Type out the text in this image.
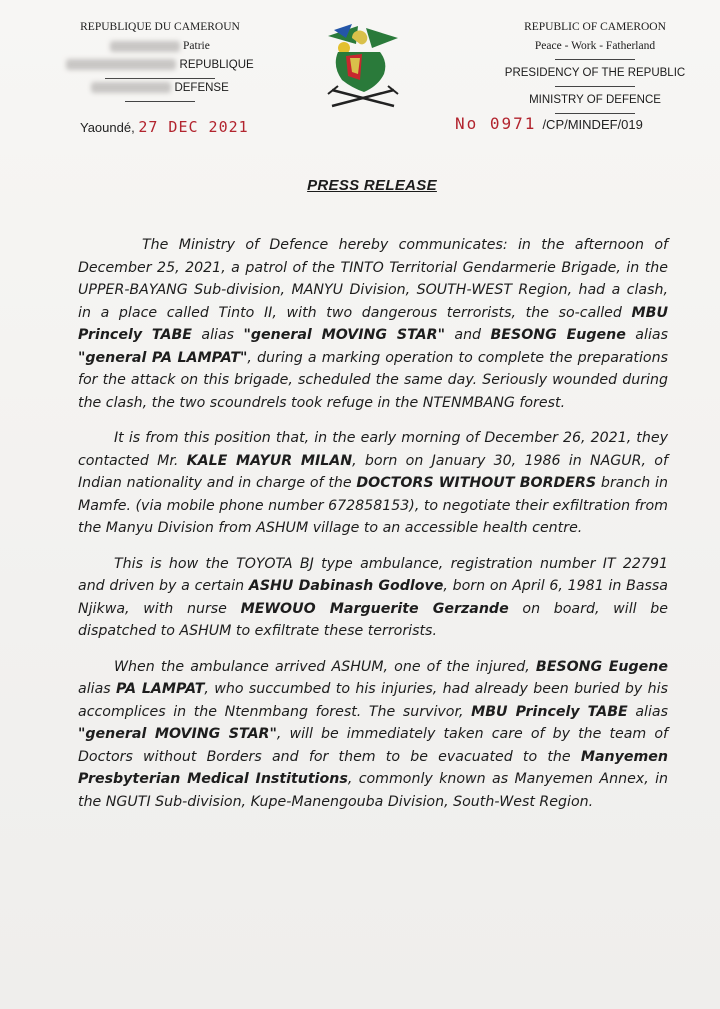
REPUBLIQUE DU CAMEROUN
Patrie
REPUBLIQUE
DEFENSE
REPUBLIC OF CAMEROON
Peace - Work - Fatherland
PRESIDENCY OF THE REPUBLIC
MINISTRY OF DEFENCE
Yaoundé, 27 DEC 2021	No 0971 /CP/MINDEF/019
PRESS RELEASE

The Ministry of Defence hereby communicates: in the afternoon of December 25, 2021, a patrol of the TINTO Territorial Gendarmerie Brigade, in the UPPER-BAYANG Sub-division, MANYU Division, SOUTH-WEST Region, had a clash, in a place called Tinto II, with two dangerous terrorists, the so-called MBU Princely TABE alias "general MOVING STAR" and BESONG Eugene alias "general PA LAMPAT", during a marking operation to complete the preparations for the attack on this brigade, scheduled the same day. Seriously wounded during the clash, the two scoundrels took refuge in the NTENMBANG forest.

It is from this position that, in the early morning of December 26, 2021, they contacted Mr. KALE MAYUR MILAN, born on January 30, 1986 in NAGUR, of Indian nationality and in charge of the DOCTORS WITHOUT BORDERS branch in Mamfe. (via mobile phone number 672858153), to negotiate their exfiltration from the Manyu Division from ASHUM village to an accessible health centre.

This is how the TOYOTA BJ type ambulance, registration number IT 22791 and driven by a certain ASHU Dabinash Godlove, born on April 6, 1981 in Bassa Njikwa, with nurse MEWOUO Marguerite Gerzande on board, will be dispatched to ASHUM to exfiltrate these terrorists.

When the ambulance arrived ASHUM, one of the injured, BESONG Eugene alias PA LAMPAT, who succumbed to his injuries, had already been buried by his accomplices in the Ntenmbang forest. The survivor, MBU Princely TABE alias "general MOVING STAR", will be immediately taken care of by the team of Doctors without Borders and for them to be evacuated to the Manyemen Presbyterian Medical Institutions, commonly known as Manyemen Annex, in the NGUTI Sub-division, Kupe-Manengouba Division, South-West Region.
